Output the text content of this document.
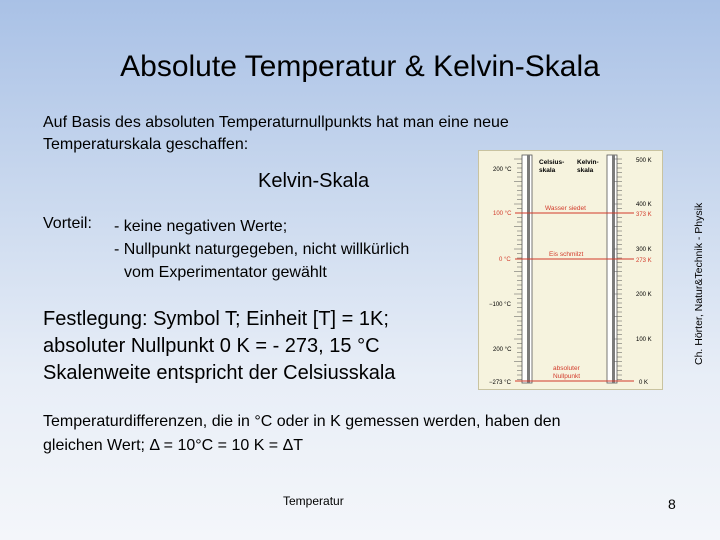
Absolute Temperatur & Kelvin-Skala
Auf Basis des absoluten Temperaturnullpunkts hat man eine neue
Temperaturskala geschaffen:
Kelvin-Skala
Vorteil: - keine negativen Werte;
- Nullpunkt naturgegeben, nicht willkürlich
vom Experimentator gewählt
Festlegung: Symbol T; Einheit [T] = 1K;
absoluter Nullpunkt 0 K = - 273, 15 °C
Skalenweite entspricht der Celsiusskala
Temperaturdifferenzen, die in °C oder in K gemessen werden, haben den
gleichen Wert; Δ = 10°C = 10 K = ΔT
Temperatur	8
Ch. Hörter, Natur&Technik - Physik
Celsius-
skala
Kelvin-
skala
200 °C
100 °C
0 °C
−100 °C
200 °C
−273 °C
500 K
400 K
373 K
300 K
273 K
200 K
100 K
0 K
Wasser siedet
Eis schmilzt
absoluter
Nullpunkt
